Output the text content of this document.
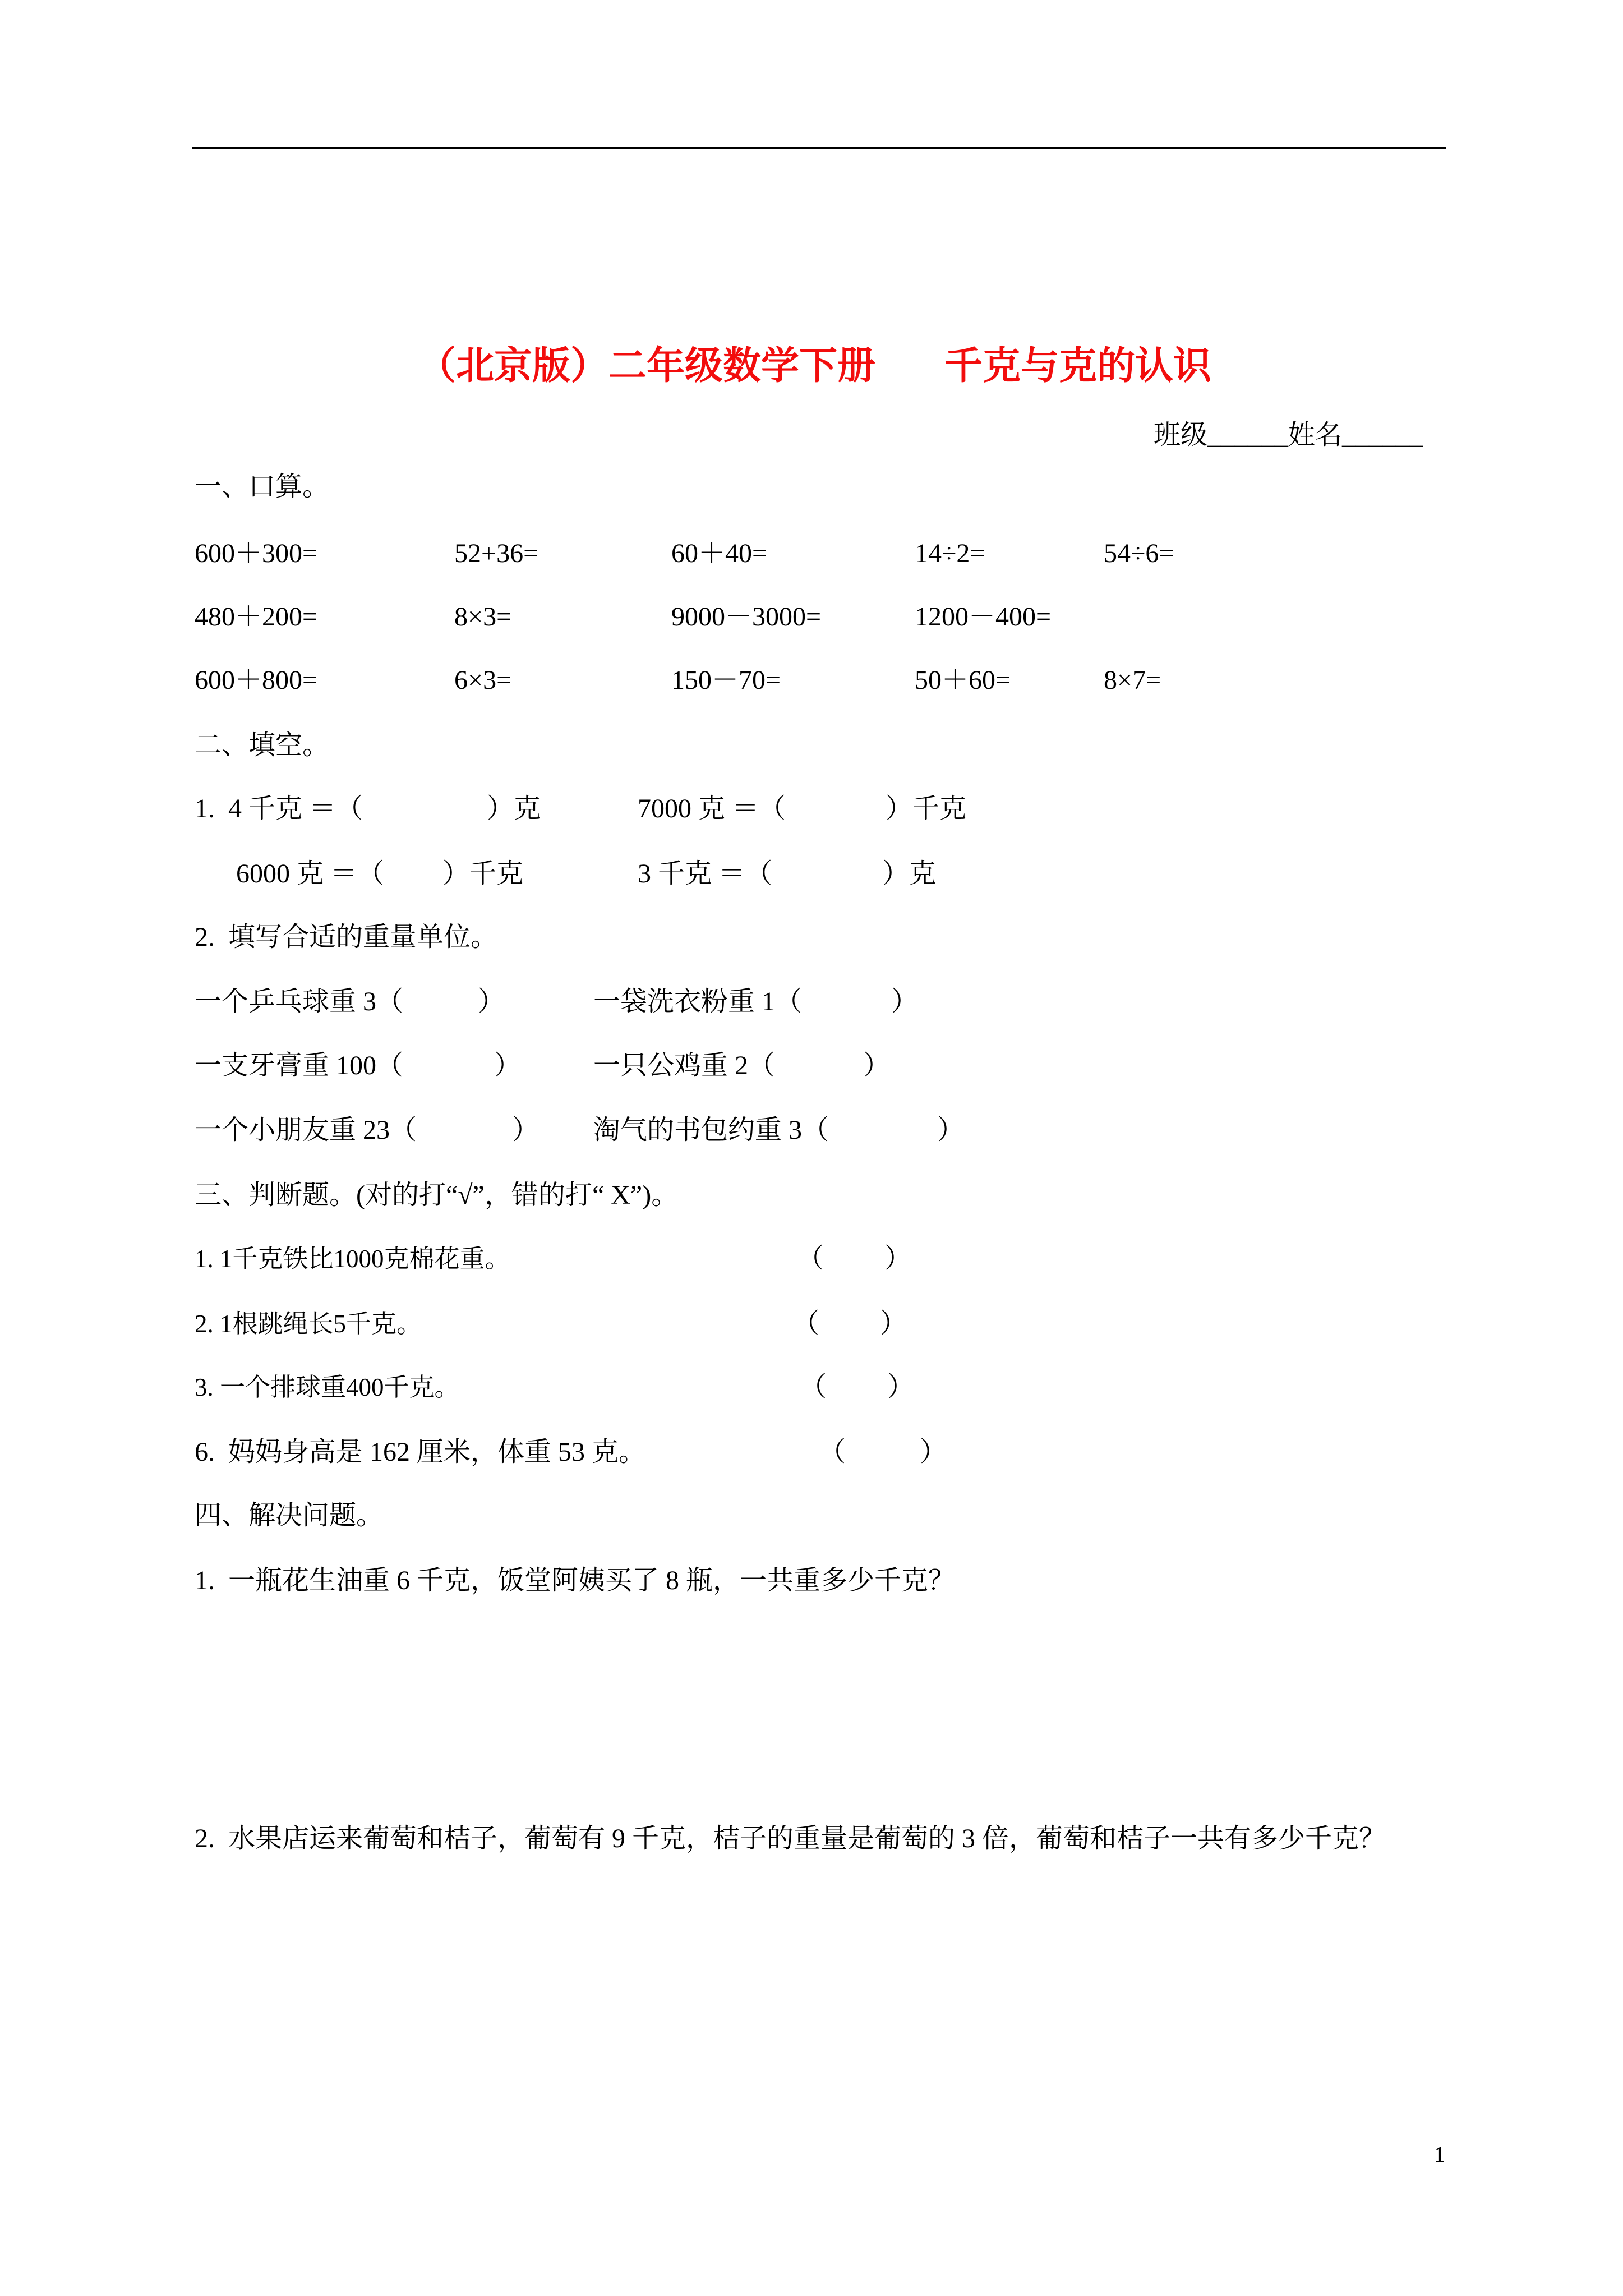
（北京版）二年级数学下册 千克与克的认识
班级______姓名______
一、口算。
600＋300=	52+36=	60＋40=	14÷2=	54÷6=
480＋200=	8×3=	9000－3000=	1200－400=
600＋800=	6×3=	150－70=	50＋60=	8×7=
二、填空。
1.  4 千克 ＝（	）克	7000 克 ＝（	）千克
6000 克 ＝（ ）千克	3 千克 ＝（	）克
2.  填写合适的重量单位。
一个乒乓球重 3（	）	一袋洗衣粉重 1（	）
一支牙膏重 100（	）	一只公鸡重 2（	）
一个小朋友重 23（	） 淘气的书包约重 3（	）
三、判断题。(对的打“√”，错的打“ X”)。
1. 1千克铁比1000克棉花重。	（         ）
2. 1根跳绳长5千克。	（         ）
3. 一个排球重400千克。	（         ）
6.  妈妈身高是 162 厘米，体重 53 克。	（           ）
四、解决问题。
1.  一瓶花生油重 6 千克，饭堂阿姨买了 8 瓶，一共重多少千克？
2.  水果店运来葡萄和桔子，葡萄有 9 千克，桔子的重量是葡萄的 3 倍，葡萄和桔子一共有多少千克？
1
